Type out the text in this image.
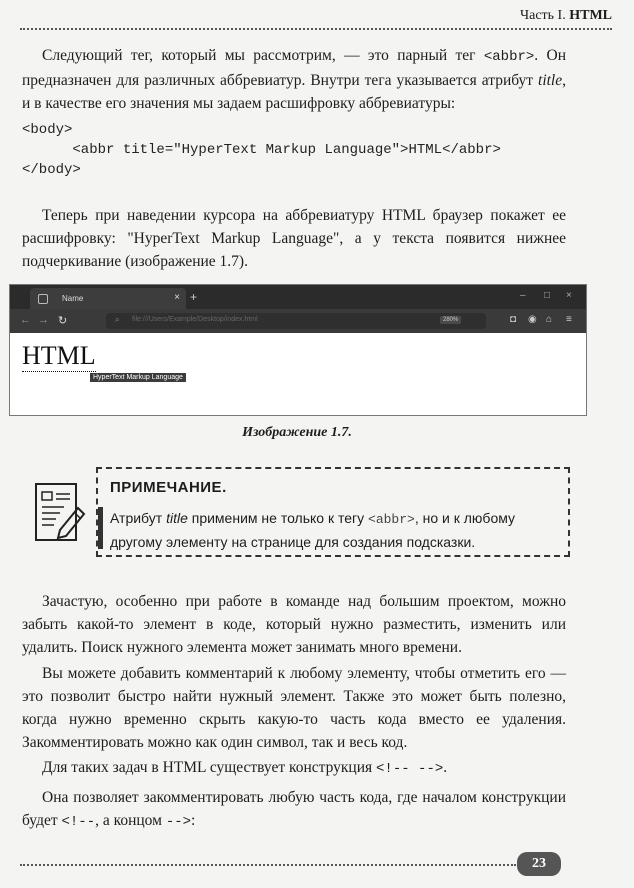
Часть I. HTML

Следующий тег, который мы рассмотрим, — это парный тег <abbr>. Он предназначен для различных аббревиатур. Внутри тега указывается атрибут title, и в качестве его значения мы задаем расшифровку аббревиатуры:

<body>
<abbr title="HyperText Markup Language">HTML</abbr>
</body>

Теперь при наведении курсора на аббревиатуру HTML браузер покажет ее расшифровку: "HyperText Markup Language", а у текста появится нижнее подчеркивание (изображение 1.7).

Name	× +	– □ ×
← → ↻	⌕ file:///Users/Example/Desktop/index.html	280%	◘ ◉ ⌂ ≡
HTML
HyperText Markup Language
Изображение 1.7.
ПРИМЕЧАНИЕ.
Атрибут title применим не только к тегу <abbr>, но и к любому другому элементу на странице для создания подсказки.

Зачастую, особенно при работе в команде над большим проектом, можно забыть какой-то элемент в коде, который нужно разместить, изменить или удалить. Поиск нужного элемента может занимать много времени.

Вы можете добавить комментарий к любому элементу, чтобы отметить его — это позволит быстро найти нужный элемент. Также это может быть полезно, когда нужно временно скрыть какую-то часть кода вместо ее удаления. Закомментировать можно как один символ, так и весь код.

Для таких задач в HTML существует конструкция <!-- -->.

Она позволяет закомментировать любую часть кода, где началом конструкции будет <!--, а концом -->:

23
